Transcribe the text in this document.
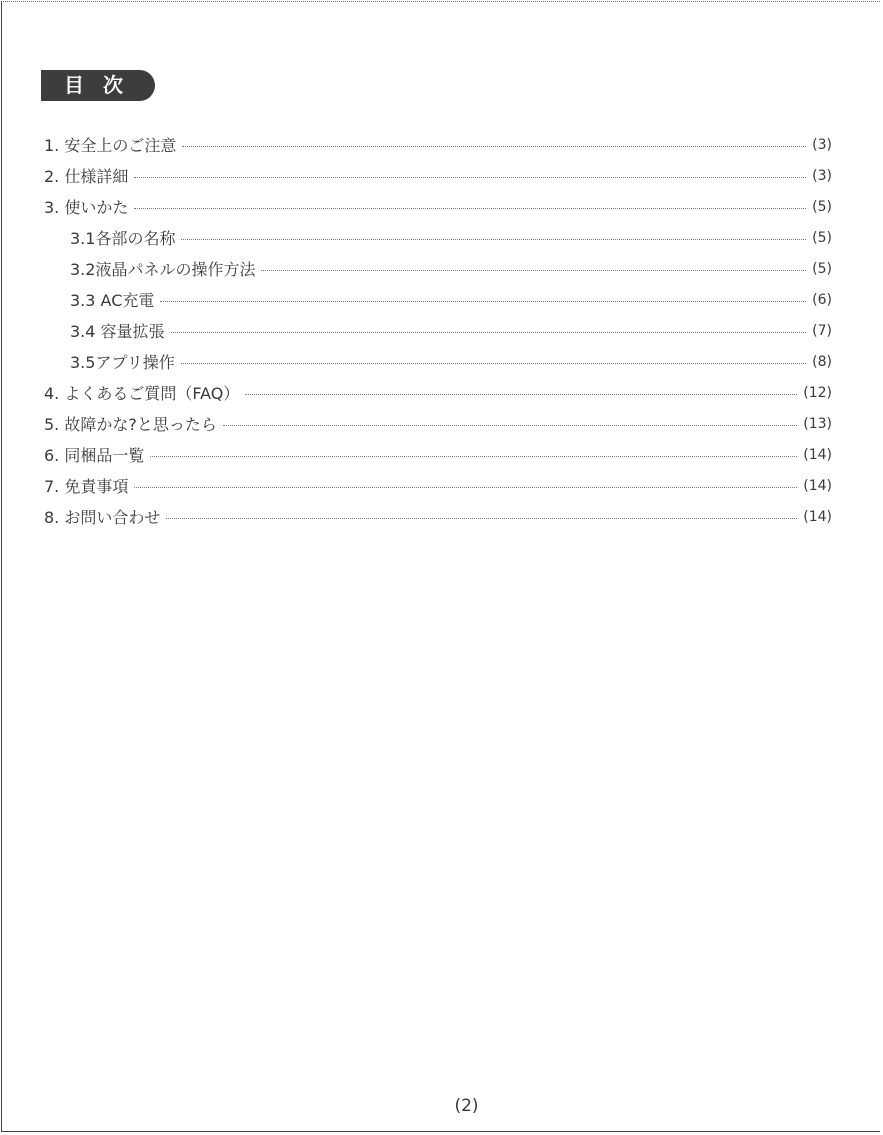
目 次
1. 安全上のご注意	(3)
2. 仕様詳細	(3)
3. 使いかた	(5)
3.1各部の名称	(5)
3.2液晶パネルの操作方法	(5)
3.3 AC充電	(6)
3.4 容量拡張	(7)
3.5アプリ操作	(8)
4. よくあるご質問（FAQ）	(12)
5. 故障かな?と思ったら	(13)
6. 同梱品一覧	(14)
7. 免責事項	(14)
8. お問い合わせ	(14)
(2)
